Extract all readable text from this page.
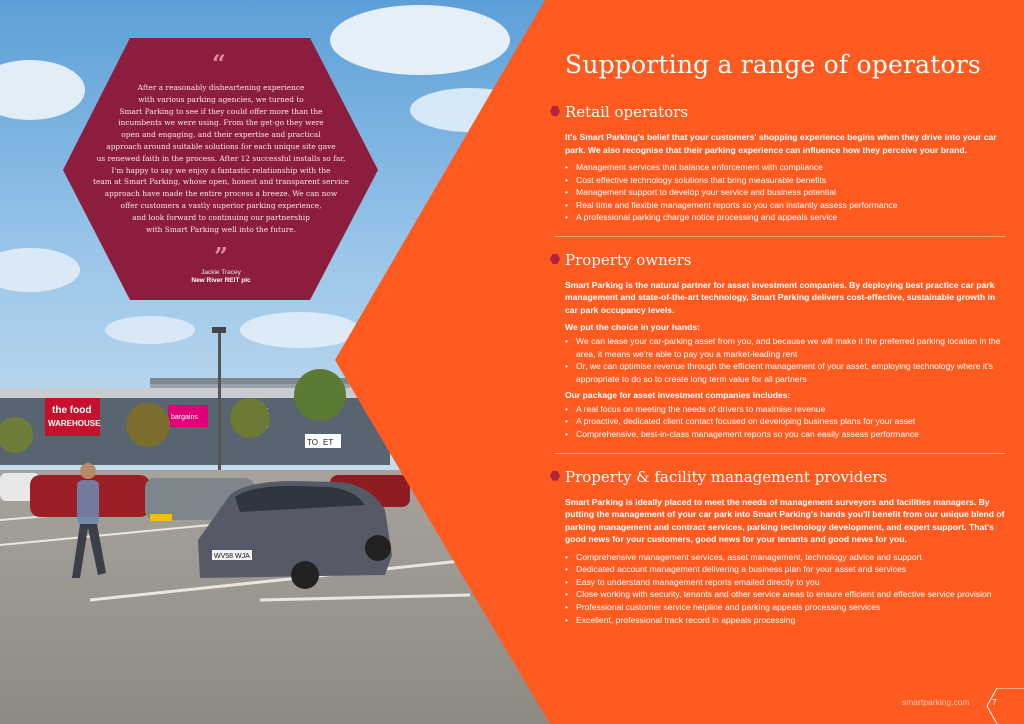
the food
WAREHOUSE
bargains
TO ET
WV58 WJA
“
After a reasonably disheartening experience
with various parking agencies, we turned to
Smart Parking to see if they could offer more than the
incumbents we were using. From the get-go they were
open and engaging, and their expertise and practical
approach around suitable solutions for each unique site gave
us renewed faith in the process. After 12 successful installs so far,
I'm happy to say we enjoy a fantastic relationship with the
team at Smart Parking, whose open, honest and transparent service
approach have made the entire process a breeze. We can now
offer customers a vastly superior parking experience,
and look forward to continuing our partnership
with Smart Parking well into the future.
”
Jackie Tracey
New River REIT plc
Supporting a range of operators
Retail operators

It's Smart Parking's belief that your customers' shopping experience begins when they drive into your car park. We also recognise that their parking experience can influence how they perceive your brand.

• Management services that balance enforcement with compliance
• Cost effective technology solutions that bring measurable benefits
• Management support to develop your service and business potential
• Real time and flexible management reports so you can instantly assess performance
• A professional parking charge notice processing and appeals service
Property owners

Smart Parking is the natural partner for asset investment companies. By deploying best practice car park management and state-of-the-art technology, Smart Parking delivers cost-effective, sustainable growth in car park occupancy levels.

We put the choice in your hands:

• We can lease your car-parking asset from you, and because we will make it the preferred parking location in the area, it means we're able to pay you a market-leading rent
• Or, we can optimise revenue through the efficient management of your asset, employing technology where it's appropriate to do so to create long term value for all partners

Our package for asset investment companies includes:

• A real focus on meeting the needs of drivers to maximise revenue
• A proactive, dedicated client contact focused on developing business plans for your asset
• Comprehensive, best-in-class management reports so you can easily assess performance
Property & facility management providers

Smart Parking is ideally placed to meet the needs of management surveyors and facilities managers. By putting the management of your car park into Smart Parking's hands you'll benefit from our unique blend of parking management and contract services, parking technology development, and expert support. That's good news for your customers, good news for your tenants and good news for you.

• Comprehensive management services, asset management, technology advice and support
• Dedicated account management delivering a business plan for your asset and services
• Easy to understand management reports emailed directly to you
• Close working with security, tenants and other service areas to ensure efficient and effective service provision
• Professional customer service helpline and parking appeals processing services
• Excellent, professional track record in appeals processing
smartparking.com	7
